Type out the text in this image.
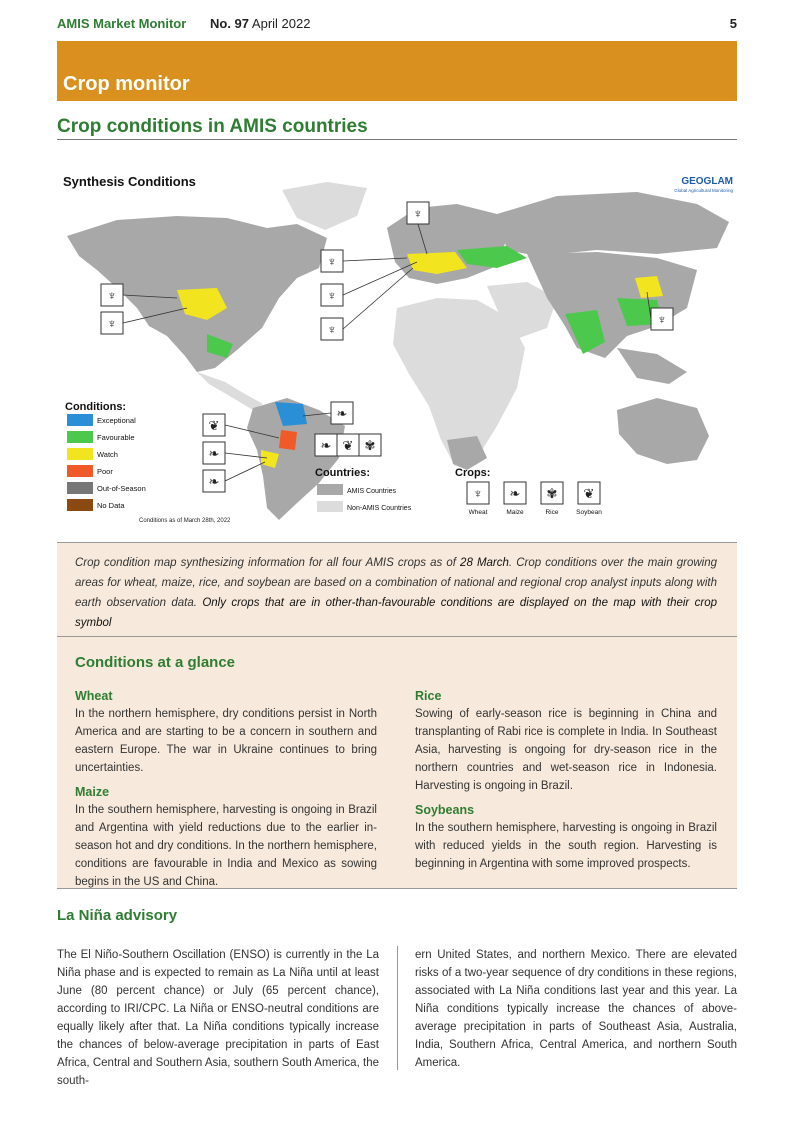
AMIS Market Monitor No. 97 April 2022	5
Crop monitor
Crop conditions in AMIS countries
♆
♆
♆
♆
♆
♆
♆
❦
❧
❧
❧
❧ ❦ ✾
Synthesis Conditions	GEOGLAM
Global Agricultural Monitoring
Conditions:
Exceptional
Favourable
Watch
Poor
Out-of-Season
No Data
Conditions as of March 28th, 2022
Countries:
AMIS Countries
Non-AMIS Countries
Crops:
♆
Wheat
❧
Maize
✾
Rice
❦
Soybean

Crop condition map synthesizing information for all four AMIS crops as of 28 March. Crop conditions over the main growing areas for wheat, maize, rice, and soybean are based on a combination of national and regional crop analyst inputs along with earth observation data. Only crops that are in other-than-favourable conditions are displayed on the map with their crop symbol

Conditions at a glance
Wheat

In the northern hemisphere, dry conditions persist in North America and are starting to be a concern in southern and eastern Europe. The war in Ukraine continues to bring uncertainties.

Maize

In the southern hemisphere, harvesting is ongoing in Brazil and Argentina with yield reductions due to the earlier in-season hot and dry conditions. In the northern hemisphere, conditions are favourable in India and Mexico as sowing begins in the US and China.

Rice

Sowing of early-season rice is beginning in China and transplanting of Rabi rice is complete in India. In Southeast Asia, harvesting is ongoing for dry-season rice in the northern countries and wet-season rice in Indonesia. Harvesting is ongoing in Brazil.

Soybeans

In the southern hemisphere, harvesting is ongoing in Brazil with reduced yields in the south region. Harvesting is beginning in Argentina with some improved prospects.

La Niña advisory

The El Niño-Southern Oscillation (ENSO) is currently in the La Niña phase and is expected to remain as La Niña until at least June (80 percent chance) or July (65 percent chance), according to IRI/CPC. La Niña or ENSO-neutral conditions are equally likely after that. La Niña conditions typically increase the chances of below-average precipitation in parts of East Africa, Central and Southern Asia, southern South America, the south-

ern United States, and northern Mexico. There are elevated risks of a two-year sequence of dry conditions in these regions, associated with La Niña conditions last year and this year. La Niña conditions typically increase the chances of above-average precipitation in parts of Southeast Asia, Australia, India, Southern Africa, Central America, and northern South America.
